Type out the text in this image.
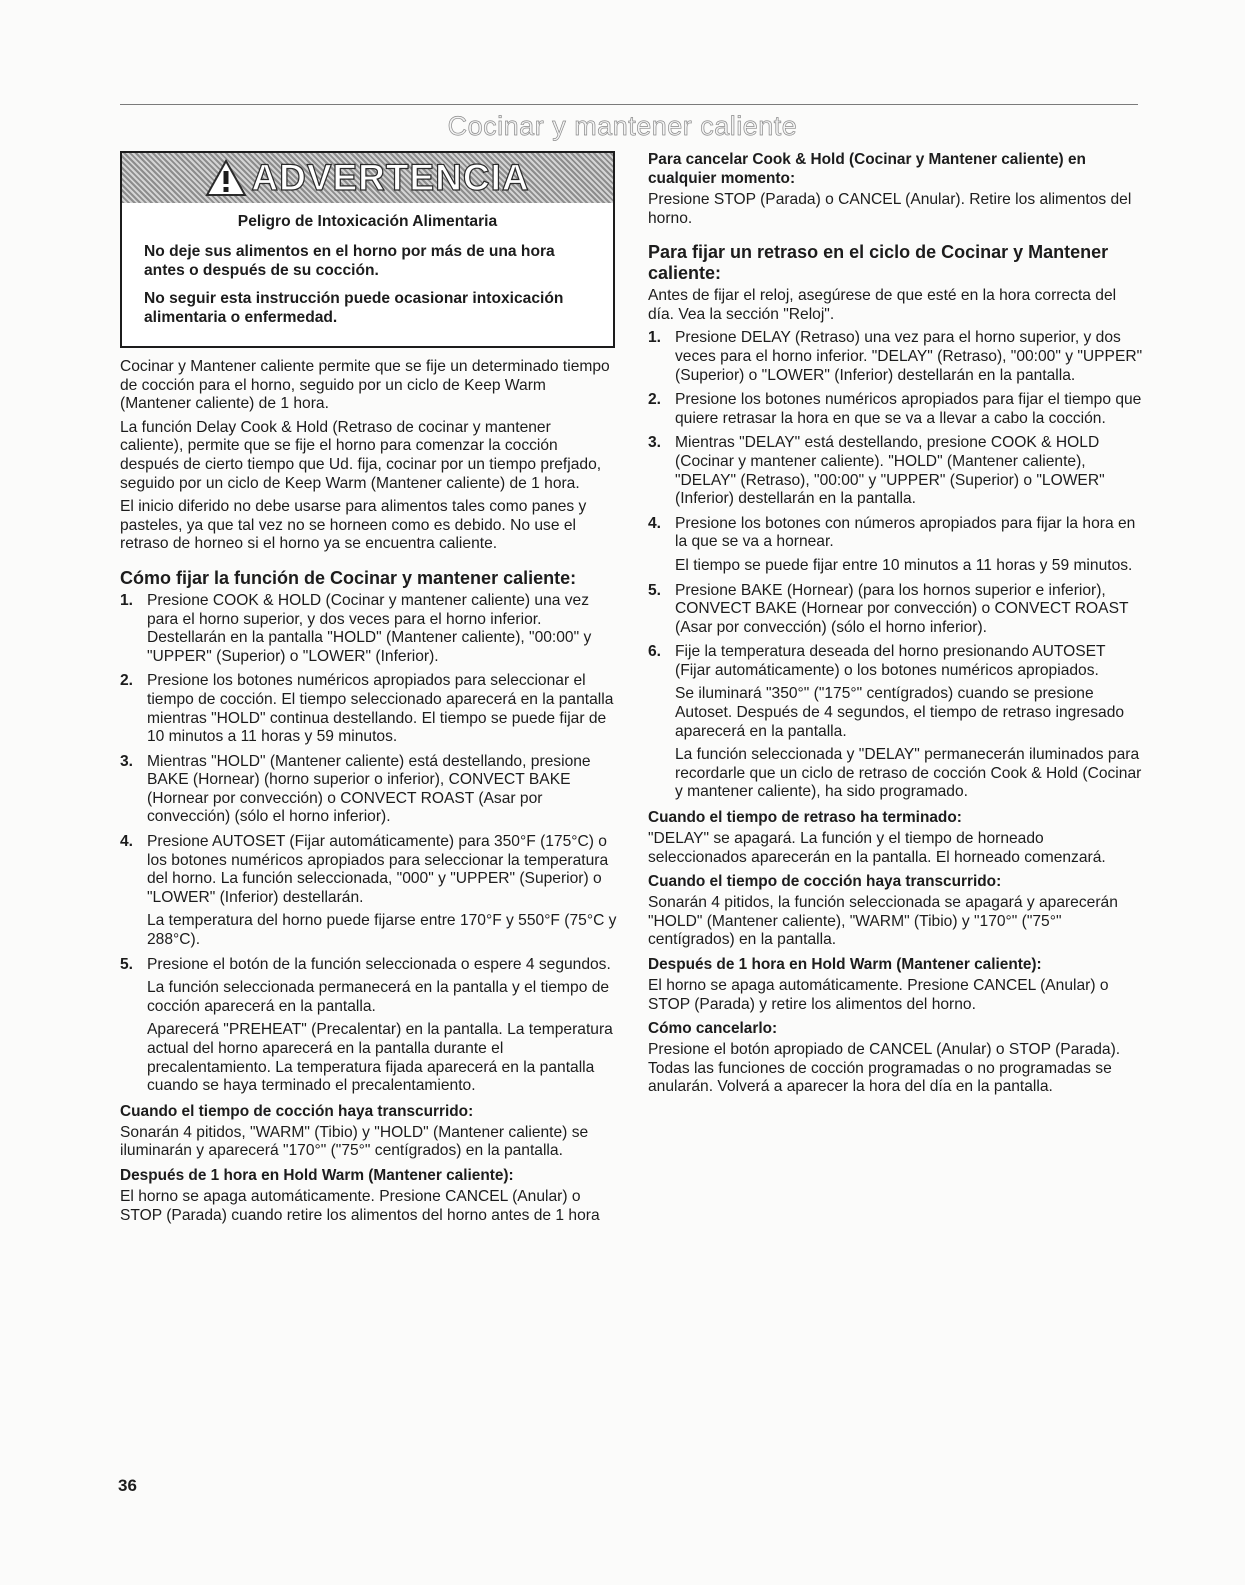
Cocinar y mantener caliente
ADVERTENCIA
Peligro de Intoxicación Alimentaria

No deje sus alimentos en el horno por más de una hora antes o después de su cocción.

No seguir esta instrucción puede ocasionar intoxicación alimentaria o enfermedad.

Cocinar y Mantener caliente permite que se fije un determinado tiempo de cocción para el horno, seguido por un ciclo de Keep Warm (Mantener caliente) de 1 hora.

La función Delay Cook & Hold (Retraso de cocinar y mantener caliente), permite que se fije el horno para comenzar la cocción después de cierto tiempo que Ud. fija, cocinar por un tiempo prefjado, seguido por un ciclo de Keep Warm (Mantener caliente) de 1 hora.

El inicio diferido no debe usarse para alimentos tales como panes y pasteles, ya que tal vez no se horneen como es debido. No use el retraso de horneo si el horno ya se encuentra caliente.

Cómo fijar la función de Cocinar y mantener caliente:
1. Presione COOK & HOLD (Cocinar y mantener caliente) una vez para el horno superior, y dos veces para el horno inferior. Destellarán en la pantalla "HOLD" (Mantener caliente), "00:00" y "UPPER" (Superior) o "LOWER" (Inferior).

2. Presione los botones numéricos apropiados para seleccionar el tiempo de cocción. El tiempo seleccionado aparecerá en la pantalla mientras "HOLD" continua destellando. El tiempo se puede fijar de 10 minutos a 11 horas y 59 minutos.

3. Mientras "HOLD" (Mantener caliente) está destellando, presione BAKE (Hornear) (horno superior o inferior), CONVECT BAKE (Hornear por convección) o CONVECT ROAST (Asar por convección) (sólo el horno inferior).

4. Presione AUTOSET (Fijar automáticamente) para 350°F (175°C) o los botones numéricos apropiados para seleccionar la temperatura del horno. La función seleccionada, "000" y "UPPER" (Superior) o "LOWER" (Inferior) destellarán.

La temperatura del horno puede fijarse entre 170°F y 550°F (75°C y 288°C).

5. Presione el botón de la función seleccionada o espere 4 segundos.

La función seleccionada permanecerá en la pantalla y el tiempo de cocción aparecerá en la pantalla.

Aparecerá "PREHEAT" (Precalentar) en la pantalla. La temperatura actual del horno aparecerá en la pantalla durante el precalentamiento. La temperatura fijada aparecerá en la pantalla cuando se haya terminado el precalentamiento.

Cuando el tiempo de cocción haya transcurrido:

Sonarán 4 pitidos, "WARM" (Tibio) y "HOLD" (Mantener caliente) se iluminarán y aparecerá "170°" ("75°" centígrados) en la pantalla.

Después de 1 hora en Hold Warm (Mantener caliente):

El horno se apaga automáticamente. Presione CANCEL (Anular) o STOP (Parada) cuando retire los alimentos del horno antes de 1 hora

Para cancelar Cook & Hold (Cocinar y Mantener caliente) en cualquier momento:

Presione STOP (Parada) o CANCEL (Anular). Retire los alimentos del horno.

Para fijar un retraso en el ciclo de Cocinar y Mantener caliente:

Antes de fijar el reloj, asegúrese de que esté en la hora correcta del día. Vea la sección "Reloj".

1. Presione DELAY (Retraso) una vez para el horno superior, y dos veces para el horno inferior. "DELAY" (Retraso), "00:00" y "UPPER" (Superior) o "LOWER" (Inferior) destellarán en la pantalla.

2. Presione los botones numéricos apropiados para fijar el tiempo que quiere retrasar la hora en que se va a llevar a cabo la cocción.

3. Mientras "DELAY" está destellando, presione COOK & HOLD (Cocinar y mantener caliente). "HOLD" (Mantener caliente), "DELAY" (Retraso), "00:00" y "UPPER" (Superior) o "LOWER" (Inferior) destellarán en la pantalla.

4. Presione los botones con números apropiados para fijar la hora en la que se va a hornear.

El tiempo se puede fijar entre 10 minutos a 11 horas y 59 minutos.

5. Presione BAKE (Hornear) (para los hornos superior e inferior), CONVECT BAKE (Hornear por convección) o CONVECT ROAST (Asar por convección) (sólo el horno inferior).

6. Fije la temperatura deseada del horno presionando AUTOSET (Fijar automáticamente) o los botones numéricos apropiados.

Se iluminará "350°" ("175°" centígrados) cuando se presione Autoset. Después de 4 segundos, el tiempo de retraso ingresado aparecerá en la pantalla.

La función seleccionada y "DELAY" permanecerán iluminados para recordarle que un ciclo de retraso de cocción Cook & Hold (Cocinar y mantener caliente), ha sido programado.

Cuando el tiempo de retraso ha terminado:

"DELAY" se apagará. La función y el tiempo de horneado seleccionados aparecerán en la pantalla. El horneado comenzará.

Cuando el tiempo de cocción haya transcurrido:

Sonarán 4 pitidos, la función seleccionada se apagará y aparecerán "HOLD" (Mantener caliente), "WARM" (Tibio) y "170°" ("75°" centígrados) en la pantalla.

Después de 1 hora en Hold Warm (Mantener caliente):

El horno se apaga automáticamente. Presione CANCEL (Anular) o STOP (Parada) y retire los alimentos del horno.

Cómo cancelarlo:

Presione el botón apropiado de CANCEL (Anular) o STOP (Parada). Todas las funciones de cocción programadas o no programadas se anularán. Volverá a aparecer la hora del día en la pantalla.

36
